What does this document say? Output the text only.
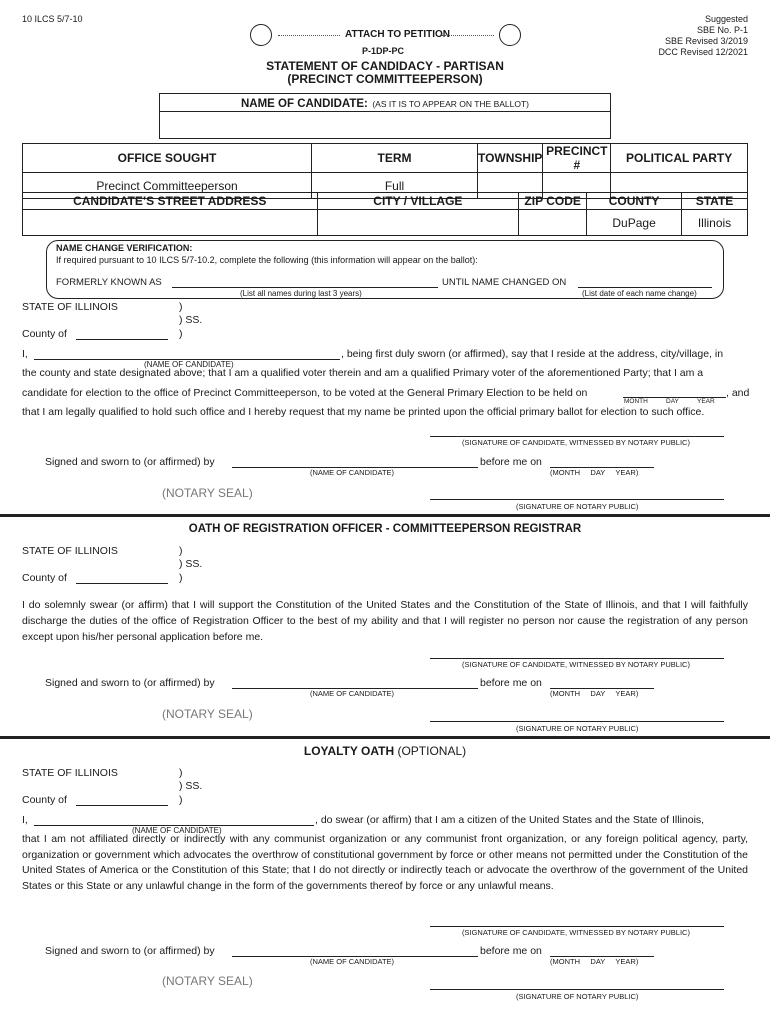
10 ILCS 5/7-10
ATTACH TO PETITION
P-1DP-PC
Suggested
SBE No. P-1
SBE Revised 3/2019
DCC Revised 12/2021
STATEMENT OF CANDIDACY - PARTISAN
(PRECINCT COMMITTEEPERSON)
NAME OF CANDIDATE: (AS IT IS TO APPEAR ON THE BALLOT)
OFFICE SOUGHT	TERM	TOWNSHIP	PRECINCT #	POLITICAL PARTY
Precinct Committeeperson	Full			
CANDIDATE’S STREET ADDRESS	CITY / VILLAGE	ZIP CODE	COUNTY	STATE
			DuPage	Illinois
NAME CHANGE VERIFICATION:
If required pursuant to 10 ILCS 5/7-10.2, complete the following (this information will appear on the ballot):
FORMERLY KNOWN AS	UNTIL NAME CHANGED ON
(List all names during last 3 years)	(List date of each name change)
STATE OF ILLINOIS	)
) SS.
)
County of
I,	, being first duly sworn (or affirmed), say that I reside at the address, city/village, in
(NAME OF CANDIDATE)
the county and state designated above; that I am a qualified voter therein and am a qualified Primary voter of the aforementioned Party; that I am a
candidate for election to the office of Precinct Committeeperson, to be voted at the General Primary Election to be held on	, and
MONTH	DAY	YEAR
that I am legally qualified to hold such office and I hereby request that my name be printed upon the official primary ballot for election to such office.
(SIGNATURE OF CANDIDATE, WITNESSED BY NOTARY PUBLIC)
Signed and sworn to (or affirmed) by	before me on
(NAME OF CANDIDATE)	(MONTH     DAY     YEAR)
(NOTARY SEAL)
(SIGNATURE OF NOTARY PUBLIC)
OATH OF REGISTRATION OFFICER - COMMITTEEPERSON REGISTRAR
STATE OF ILLINOIS	)
) SS.
)
County of
I do solemnly swear (or affirm) that I will support the Constitution of the United States and the Constitution of the State of Illinois, and that I will faithfully discharge the duties of the office of Registration Officer to the best of my ability and that I will register no person nor cause the registration of any person except upon his/her personal application before me.
(SIGNATURE OF CANDIDATE, WITNESSED BY NOTARY PUBLIC)
Signed and sworn to (or affirmed) by	before me on
(NAME OF CANDIDATE)	(MONTH     DAY     YEAR)
(NOTARY SEAL)
(SIGNATURE OF NOTARY PUBLIC)
LOYALTY OATH (OPTIONAL)
STATE OF ILLINOIS	)
) SS.
)
County of
I,	, do swear (or affirm) that I am a citizen of the United States and the State of Illinois,
(NAME OF CANDIDATE)
that I am not affiliated directly or indirectly with any communist organization or any communist front organization, or any foreign political agency, party, organization or government which advocates the overthrow of constitutional government by force or other means not permitted under the Constitution of the United States of America or the Constitution of this State; that I do not directly or indirectly teach or advocate the overthrow of the government of the United States or this State or any unlawful change in the form of the governments thereof by force or any unlawful means.
(SIGNATURE OF CANDIDATE, WITNESSED BY NOTARY PUBLIC)
Signed and sworn to (or affirmed) by	before me on
(NAME OF CANDIDATE)	(MONTH     DAY     YEAR)
(NOTARY SEAL)
(SIGNATURE OF NOTARY PUBLIC)
